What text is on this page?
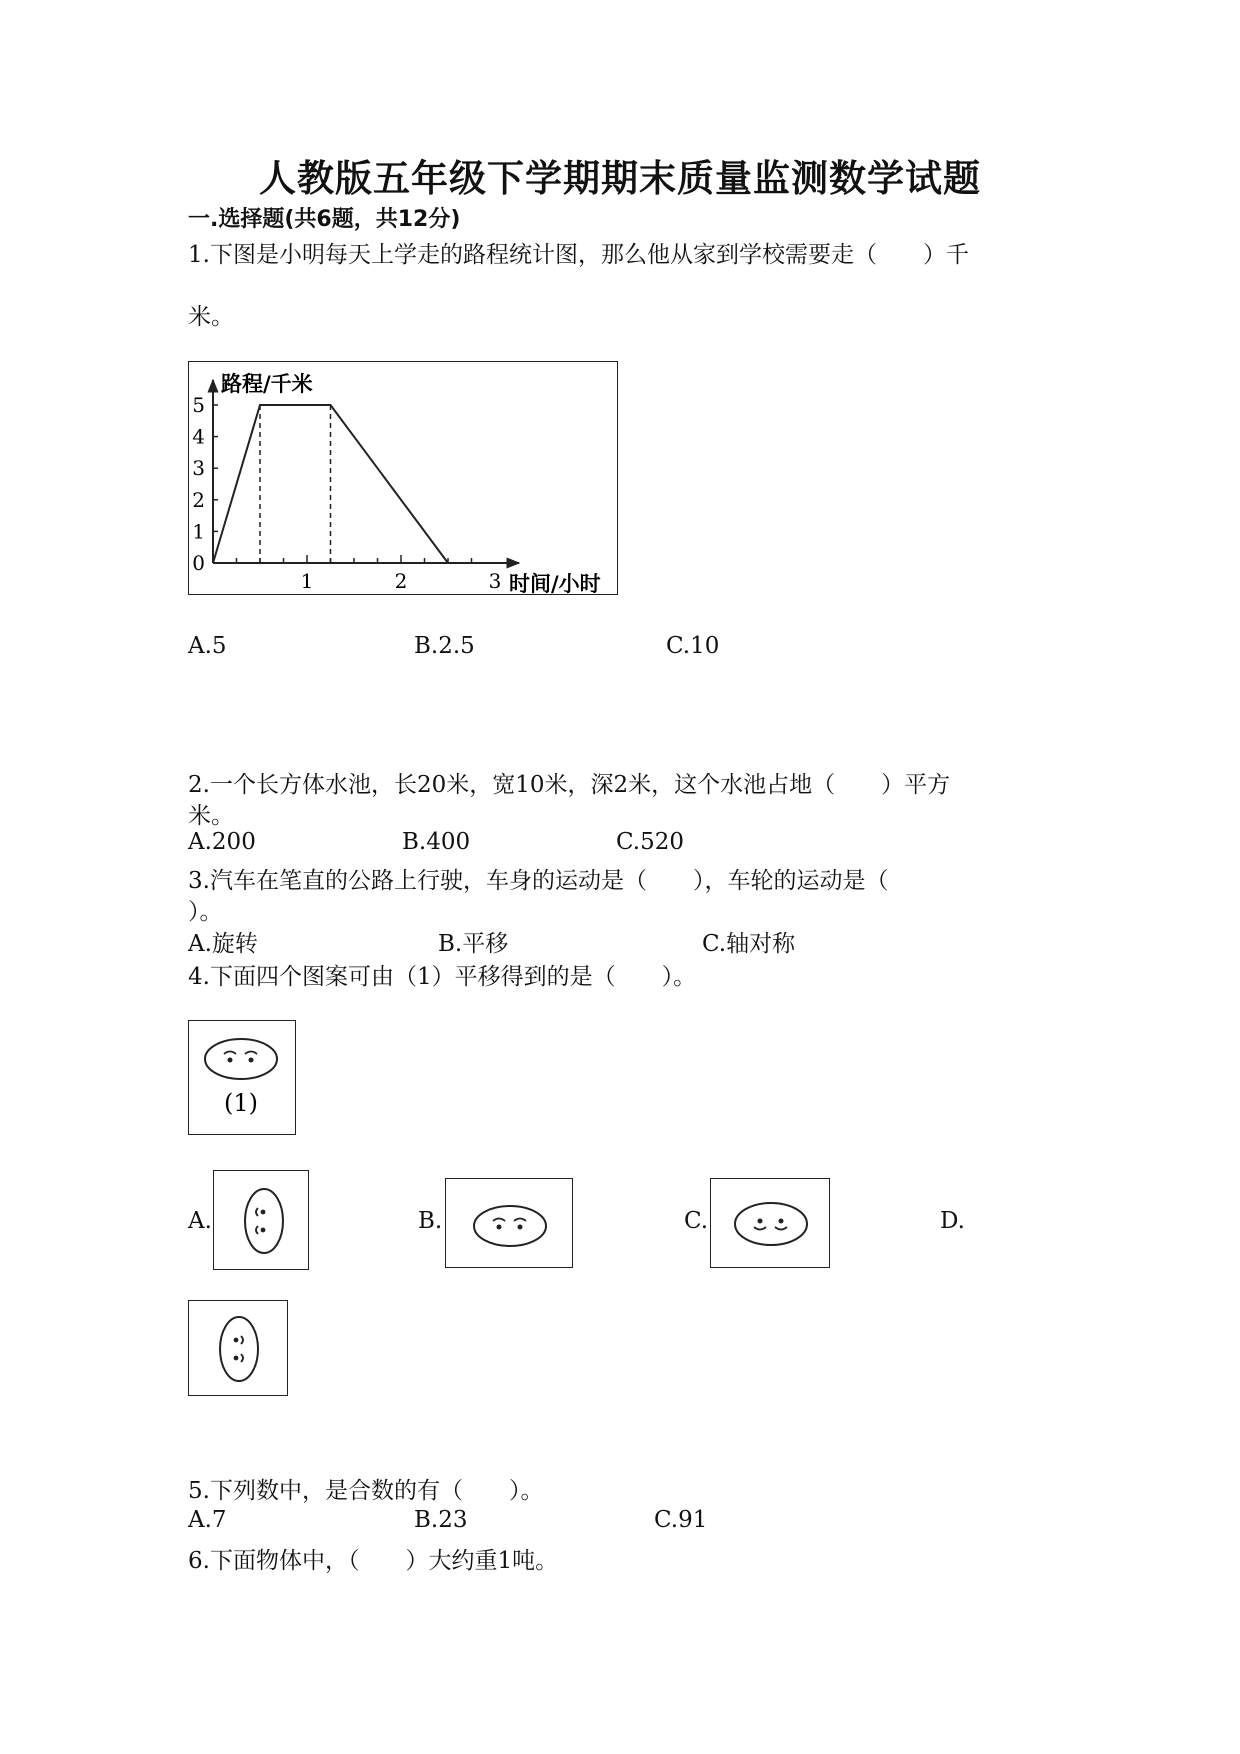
人教版五年级下学期期末质量监测数学试题
一.选择题(共6题，共12分)
1.下图是小明每天上学走的路程统计图，那么他从家到学校需要走（　　）千
米。
路程/千米
时间/小时
0
1
2
3
4
5
1	2	3
A.5	B.2.5	C.10
2.一个长方体水池，长20米，宽10米，深2米，这个水池占地（　　）平方
米。
A.200	B.400	C.520
3.汽车在笔直的公路上行驶，车身的运动是（　　），车轮的运动是（
）。
A.旋转	B.平移	C.轴对称
4.下面四个图案可由（1）平移得到的是（　　）。
(1)
A.	B.	C.	D.
5.下列数中，是合数的有（　　）。
A.7	B.23	C.91
6.下面物体中，（　　）大约重1吨。
